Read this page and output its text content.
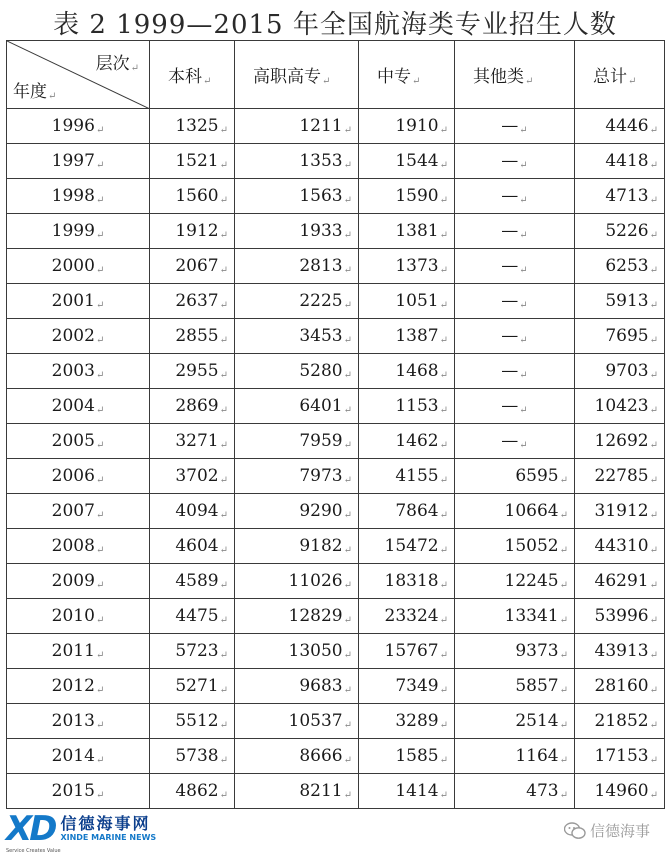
表 2 1999—2015 年全国航海类专业招生人数
层次↵
年度↵	本科↵	高职高专↵	中专↵	其他类↵	总计↵
1996↵	1325↵	1211↵	1910↵	—↵	4446↵
1997↵	1521↵	1353↵	1544↵	—↵	4418↵
1998↵	1560↵	1563↵	1590↵	—↵	4713↵
1999↵	1912↵	1933↵	1381↵	—↵	5226↵
2000↵	2067↵	2813↵	1373↵	—↵	6253↵
2001↵	2637↵	2225↵	1051↵	—↵	5913↵
2002↵	2855↵	3453↵	1387↵	—↵	7695↵
2003↵	2955↵	5280↵	1468↵	—↵	9703↵
2004↵	2869↵	6401↵	1153↵	—↵	10423↵
2005↵	3271↵	7959↵	1462↵	—↵	12692↵
2006↵	3702↵	7973↵	4155↵	6595↵	22785↵
2007↵	4094↵	9290↵	7864↵	10664↵	31912↵
2008↵	4604↵	9182↵	15472↵	15052↵	44310↵
2009↵	4589↵	11026↵	18318↵	12245↵	46291↵
2010↵	4475↵	12829↵	23324↵	13341↵	53996↵
2011↵	5723↵	13050↵	15767↵	9373↵	43913↵
2012↵	5271↵	9683↵	7349↵	5857↵	28160↵
2013↵	5512↵	10537↵	3289↵	2514↵	21852↵
2014↵	5738↵	8666↵	1585↵	1164↵	17153↵
2015↵	4862↵	8211↵	1414↵	473↵	14960↵
XD 信德海事网
XINDE MARINE NEWS
Service Creates Value
信德海事
